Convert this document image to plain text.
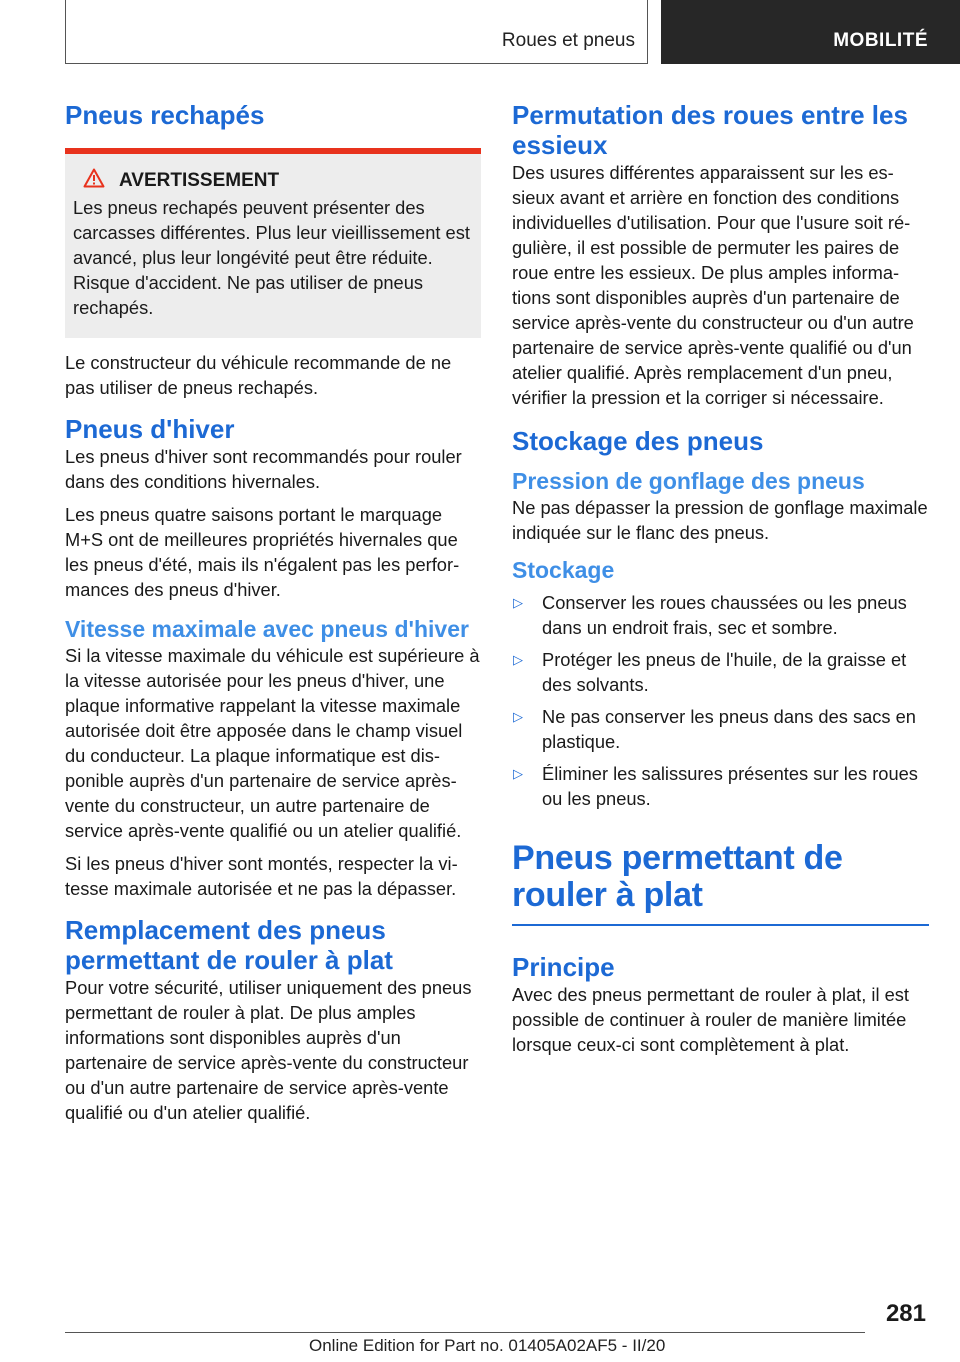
Roues et pneus	MOBILITÉ
Pneus rechapés
AVERTISSEMENT

Les pneus rechapés peuvent présenter des carcasses différentes. Plus leur vieillissement est avancé, plus leur longévité peut être réduite. Risque d'accident. Ne pas utiliser de pneus rechapés.

Le constructeur du véhicule recommande de ne pas utiliser de pneus rechapés.

Pneus d'hiver

Les pneus d'hiver sont recommandés pour rouler dans des conditions hivernales.

Les pneus quatre saisons portant le marquage M+S ont de meilleures propriétés hivernales que les pneus d'été, mais ils n'égalent pas les performances des pneus d'hiver.

Vitesse maximale avec pneus d'hiver

Si la vitesse maximale du véhicule est supérieure à la vitesse autorisée pour les pneus d'hiver, une plaque informative rappelant la vitesse maximale autorisée doit être apposée dans le champ visuel du conducteur. La plaque informatique est disponible auprès d'un partenaire de service après-vente du constructeur, un autre partenaire de service après-vente qualifié ou un atelier qualifié.

Si les pneus d'hiver sont montés, respecter la vitesse maximale autorisée et ne pas la dépasser.

Remplacement des pneus permettant de rouler à plat

Pour votre sécurité, utiliser uniquement des pneus permettant de rouler à plat. De plus amples informations sont disponibles auprès d'un partenaire de service après-vente du constructeur ou d'un autre partenaire de service après-vente qualifié ou d'un atelier qualifié.

Permutation des roues entre les essieux

Des usures différentes apparaissent sur les essieux avant et arrière en fonction des conditions individuelles d'utilisation. Pour que l'usure soit régulière, il est possible de permuter les paires de roue entre les essieux. De plus amples informations sont disponibles auprès d'un partenaire de service après-vente du constructeur ou d'un autre partenaire de service après-vente qualifié ou d'un atelier qualifié. Après remplacement d'un pneu, vérifier la pression et la corriger si nécessaire.

Stockage des pneus
Pression de gonflage des pneus

Ne pas dépasser la pression de gonflage maximale indiquée sur le flanc des pneus.

Stockage
▷ Conserver les roues chaussées ou les pneus dans un endroit frais, sec et sombre.
▷ Protéger les pneus de l'huile, de la graisse et des solvants.
▷ Ne pas conserver les pneus dans des sacs en plastique.
▷ Éliminer les salissures présentes sur les roues ou les pneus.
Pneus permettant de rouler à plat
Principe

Avec des pneus permettant de rouler à plat, il est possible de continuer à rouler de manière limitée lorsque ceux-ci sont complètement à plat.

281
Online Edition for Part no. 01405A02AF5 - II/20
